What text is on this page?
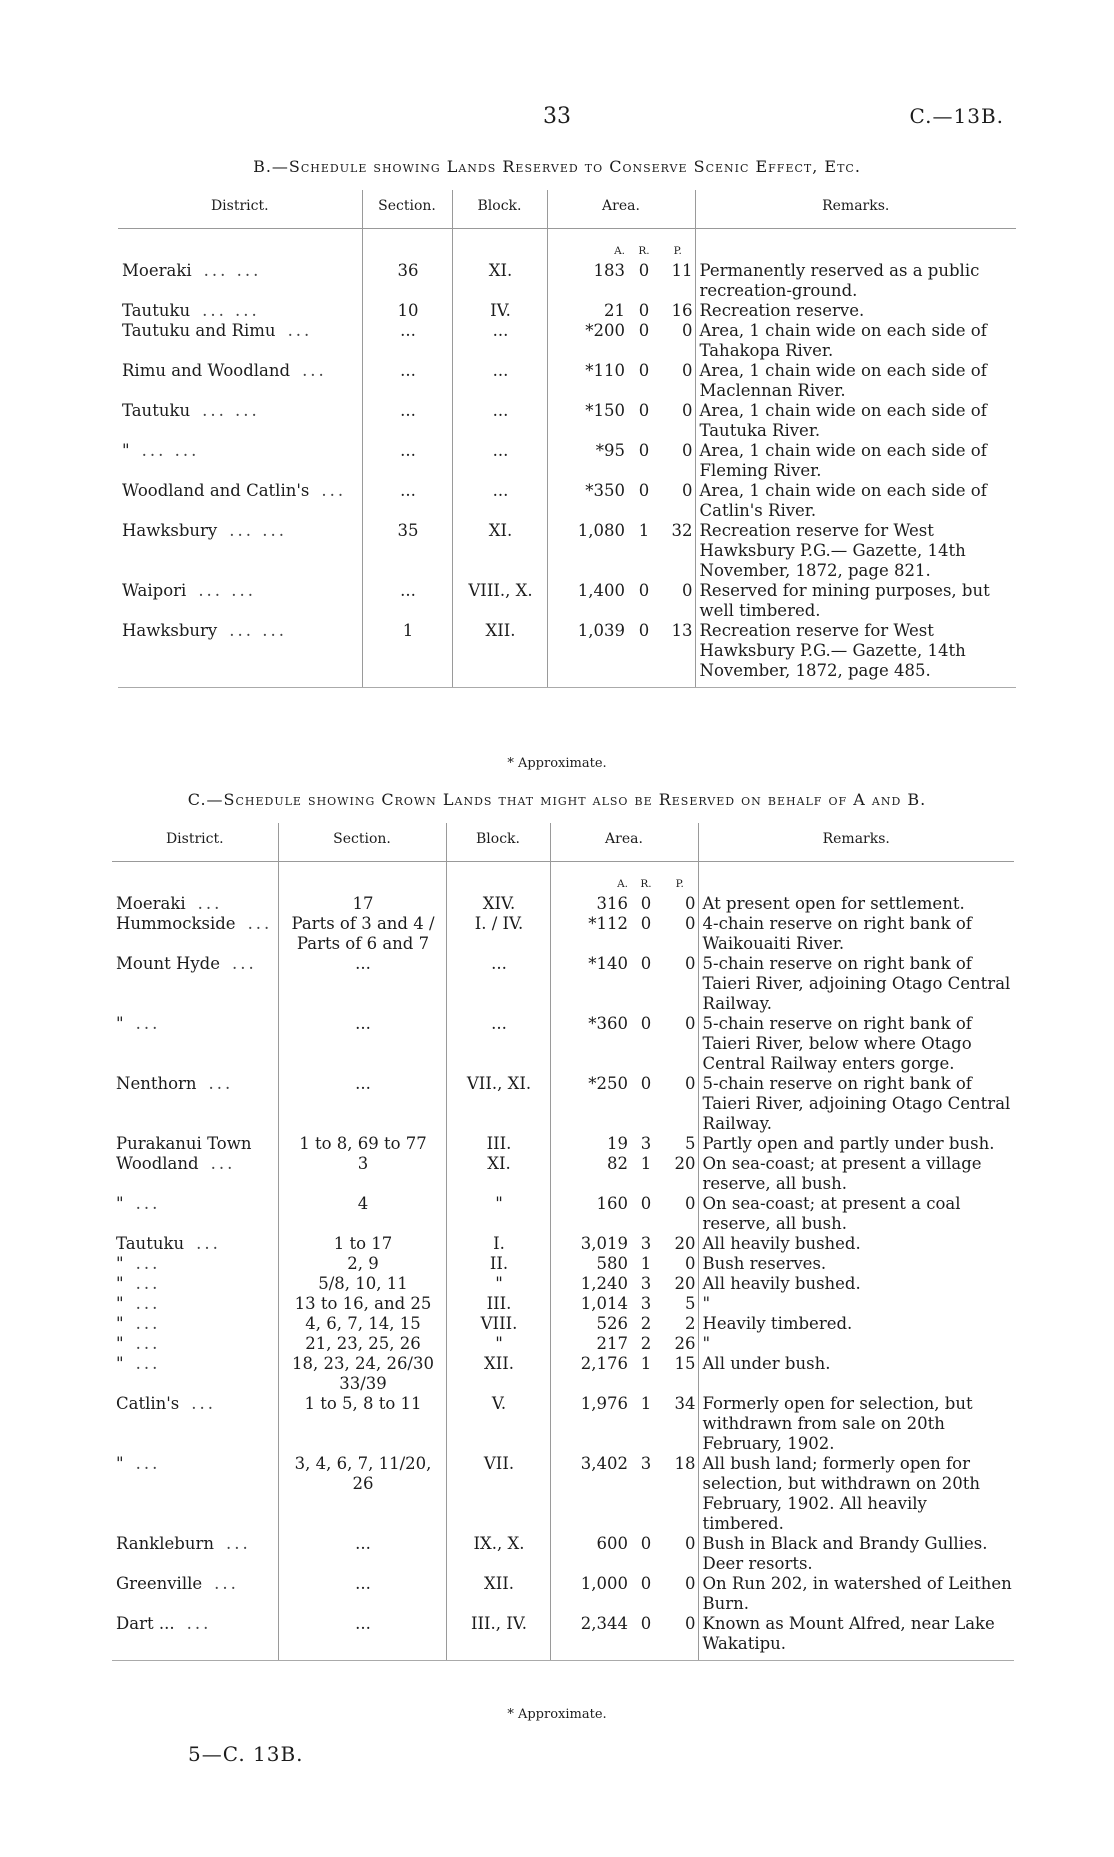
33	C.—13B.
B.—Schedule showing Lands Reserved to Conserve Scenic Effect, Etc.
District.	Section.	Block.	Area.			Remarks.
			A.	R.	P.	
Moeraki ... ...	36	XI.	183	0	11	Permanently reserved as a public recreation-ground.
Tautuku ... ...	10	IV.	21	0	16	Recreation reserve.
Tautuku and Rimu ...	...	...	*200	0	0	Area, 1 chain wide on each side of Tahakopa River.
Rimu and Woodland ...	...	...	*110	0	0	Area, 1 chain wide on each side of Maclennan River.
Tautuku ... ...	...	...	*150	0	0	Area, 1 chain wide on each side of Tautuka River.
" ... ...	...	...	*95	0	0	Area, 1 chain wide on each side of Fleming River.
Woodland and Catlin's ...	...	...	*350	0	0	Area, 1 chain wide on each side of Catlin's River.
Hawksbury ... ...	35	XI.	1,080	1	32	Recreation reserve for West Hawksbury P.G.— Gazette, 14th November, 1872, page 821.
Waipori ... ...	...	VIII., X.	1,400	0	0	Reserved for mining purposes, but well timbered.
Hawksbury ... ...	1	XII.	1,039	0	13	Recreation reserve for West Hawksbury P.G.— Gazette, 14th November, 1872, page 485.
* Approximate.
C.—Schedule showing Crown Lands that might also be Reserved on behalf of A and B.
District.	Section.	Block.	Area.			Remarks.
			A.	R.	P.	
Moeraki ...	17	XIV.	316	0	0	At present open for settlement.
Hummockside ...	Parts of 3 and 4 / Parts of 6 and 7	I. / IV.	*112	0	0	4-chain reserve on right bank of Waikouaiti River.
Mount Hyde ...	...	...	*140	0	0	5-chain reserve on right bank of Taieri River, adjoining Otago Central Railway.
" ...	...	...	*360	0	0	5-chain reserve on right bank of Taieri River, below where Otago Central Railway enters gorge.
Nenthorn ...	...	VII., XI.	*250	0	0	5-chain reserve on right bank of Taieri River, adjoining Otago Central Railway.
Purakanui Town	1 to 8, 69 to 77	III.	19	3	5	Partly open and partly under bush.
Woodland ...	3	XI.	82	1	20	On sea-coast; at present a village reserve, all bush.
" ...	4	"	160	0	0	On sea-coast; at present a coal reserve, all bush.
Tautuku ...	1 to 17	I.	3,019	3	20	All heavily bushed.
" ...	2, 9	II.	580	1	0	Bush reserves.
" ...	5/8, 10, 11	"	1,240	3	20	All heavily bushed.
" ...	13 to 16, and 25	III.	1,014	3	5	"
" ...	4, 6, 7, 14, 15	VIII.	526	2	2	Heavily timbered.
" ...	21, 23, 25, 26	"	217	2	26	"
" ...	18, 23, 24, 26/30 33/39	XII.	2,176	1	15	All under bush.
Catlin's ...	1 to 5, 8 to 11	V.	1,976	1	34	Formerly open for selection, but withdrawn from sale on 20th February, 1902.
" ...	3, 4, 6, 7, 11/20, 26	VII.	3,402	3	18	All bush land; formerly open for selection, but withdrawn on 20th February, 1902. All heavily timbered.
Rankleburn ...	...	IX., X.	600	0	0	Bush in Black and Brandy Gullies. Deer resorts.
Greenville ...	...	XII.	1,000	0	0	On Run 202, in watershed of Leithen Burn.
Dart ... ...	...	III., IV.	2,344	0	0	Known as Mount Alfred, near Lake Wakatipu.
* Approximate.
5—C. 13B.
